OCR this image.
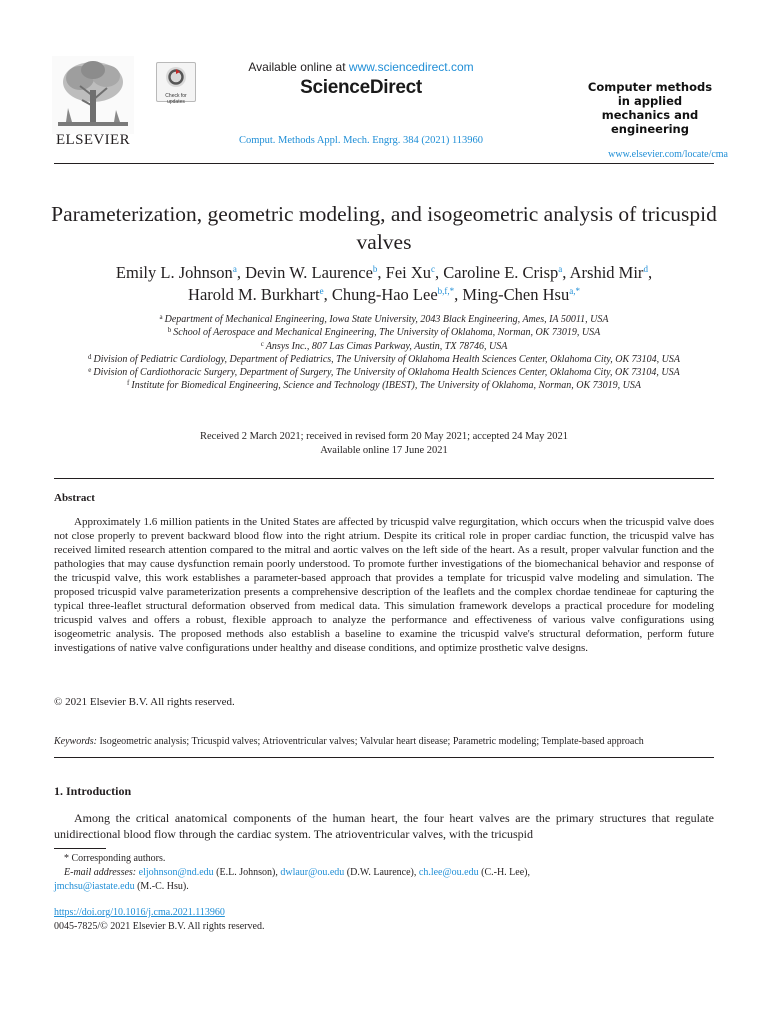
ELSEVIER
Check for updates
Available online at www.sciencedirect.com
ScienceDirect
Comput. Methods Appl. Mech. Engrg. 384 (2021) 113960
Computer methods
in applied
mechanics and
engineering
www.elsevier.com/locate/cma
Parameterization, geometric modeling, and isogeometric analysis of tricuspid valves
Emily L. Johnson$^a$, Devin W. Laurence$^b$, Fei Xu$^c$, Caroline E. Crisp$^a$, Arshid Mir$^d$,
Harold M. Burkhart$^e$, Chung-Hao Lee$^{b,f,*}$, Ming-Chen Hsu$^{a,*}$
$^a$ Department of Mechanical Engineering, Iowa State University, 2043 Black Engineering, Ames, IA 50011, USA
$^b$ School of Aerospace and Mechanical Engineering, The University of Oklahoma, Norman, OK 73019, USA
$^c$ Ansys Inc., 807 Las Cimas Parkway, Austin, TX 78746, USA
$^d$ Division of Pediatric Cardiology, Department of Pediatrics, The University of Oklahoma Health Sciences Center, Oklahoma City, OK 73104, USA
$^e$ Division of Cardiothoracic Surgery, Department of Surgery, The University of Oklahoma Health Sciences Center, Oklahoma City, OK 73104, USA
$^f$ Institute for Biomedical Engineering, Science and Technology (IBEST), The University of Oklahoma, Norman, OK 73019, USA
Received 2 March 2021; received in revised form 20 May 2021; accepted 24 May 2021
Available online 17 June 2021
Abstract
Approximately 1.6 million patients in the United States are affected by tricuspid valve regurgitation, which occurs when the tricuspid valve does not close properly to prevent backward blood flow into the right atrium. Despite its critical role in proper cardiac function, the tricuspid valve has received limited research attention compared to the mitral and aortic valves on the left side of the heart. As a result, proper valvular function and the pathologies that may cause dysfunction remain poorly understood. To promote further investigations of the biomechanical behavior and response of the tricuspid valve, this work establishes a parameter-based approach that provides a template for tricuspid valve modeling and simulation. The proposed tricuspid valve parameterization presents a comprehensive description of the leaflets and the complex chordae tendineae for capturing the typical three-leaflet structural deformation observed from medical data. This simulation framework develops a practical procedure for modeling tricuspid valves and offers a robust, flexible approach to analyze the performance and effectiveness of various valve configurations using isogeometric analysis. The proposed methods also establish a baseline to examine the tricuspid valve's structural deformation, perform future investigations of native valve configurations under healthy and disease conditions, and optimize prosthetic valve designs.
© 2021 Elsevier B.V. All rights reserved.
Keywords: Isogeometric analysis; Tricuspid valves; Atrioventricular valves; Valvular heart disease; Parametric modeling; Template-based approach
1. Introduction
Among the critical anatomical components of the human heart, the four heart valves are the primary structures that regulate unidirectional blood flow through the cardiac system. The atrioventricular valves, with the tricuspid
* Corresponding authors.
E-mail addresses: eljohnson@nd.edu (E.L. Johnson), dwlaur@ou.edu (D.W. Laurence), ch.lee@ou.edu (C.-H. Lee),
jmchsu@iastate.edu (M.-C. Hsu).
https://doi.org/10.1016/j.cma.2021.113960
0045-7825/© 2021 Elsevier B.V. All rights reserved.
